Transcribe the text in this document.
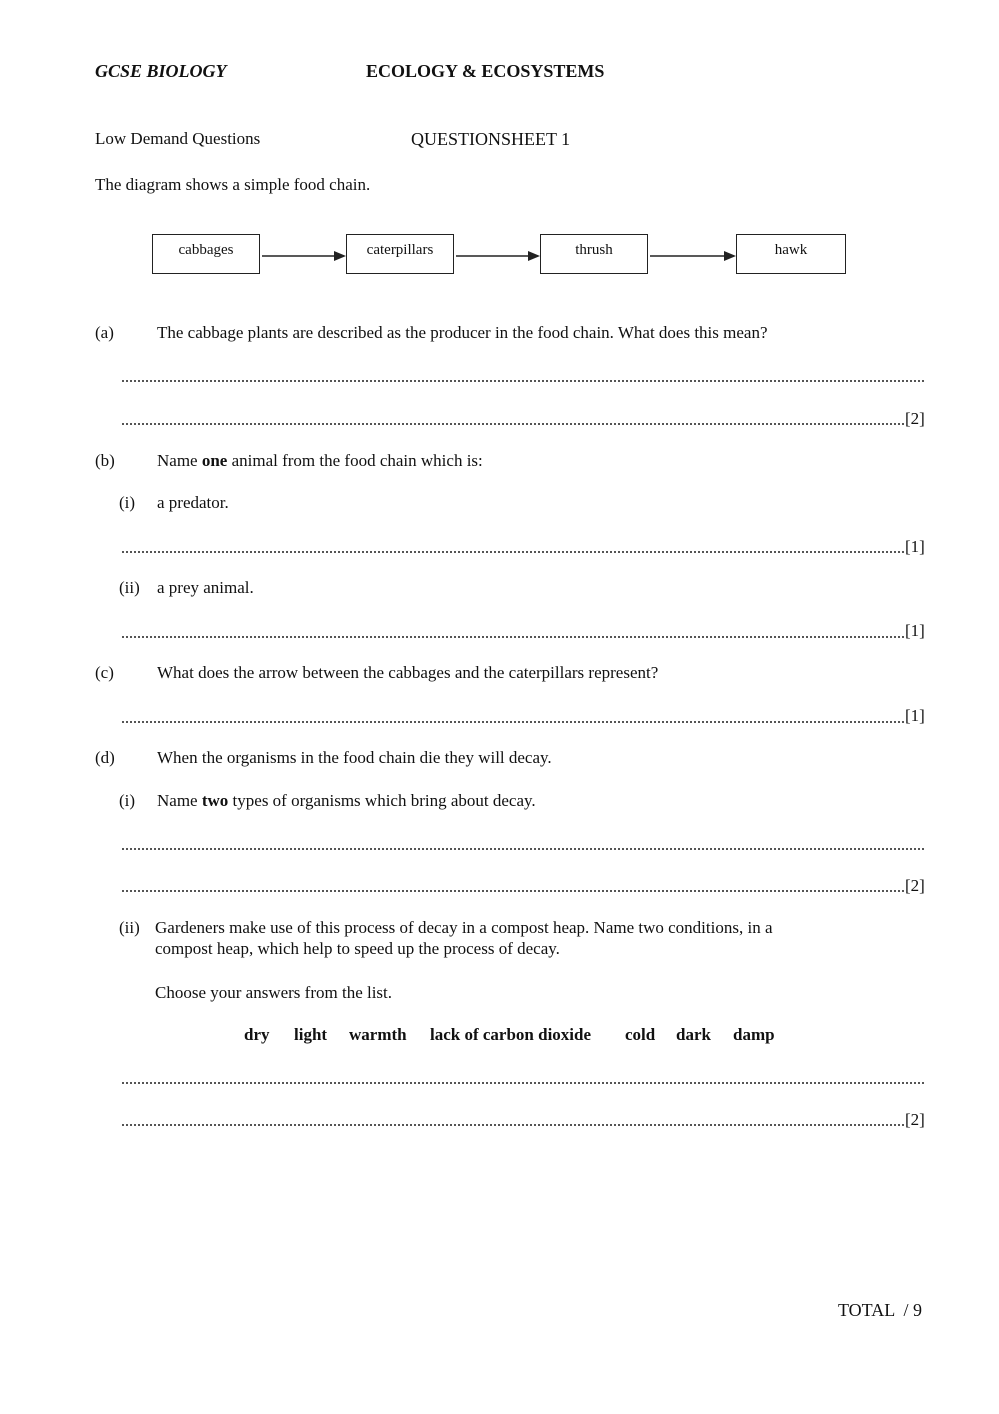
GCSE BIOLOGY	ECOLOGY & ECOSYSTEMS
Low Demand Questions	QUESTIONSHEET 1
The diagram shows a simple food chain.
cabbages	caterpillars	thrush	hawk
(a)	The cabbage plants are described as the producer in the food chain. What does this mean?
[2]
(b) Name one animal from the food chain which is:
(i) a predator.
[1]
(ii) a prey animal.
[1]
(c)	What does the arrow between the cabbages and the caterpillars represent?
[1]
(d) When the organisms in the food chain die they will decay.
(i) Name two types of organisms which bring about decay.
[2]
(ii) Gardeners make use of this process of decay in a compost heap. Name two conditions, in a
compost heap, which help to speed up the process of decay.
Choose your answers from the list.
dry light warmth lack of carbon dioxide cold dark damp
[2]
TOTAL  / 9
